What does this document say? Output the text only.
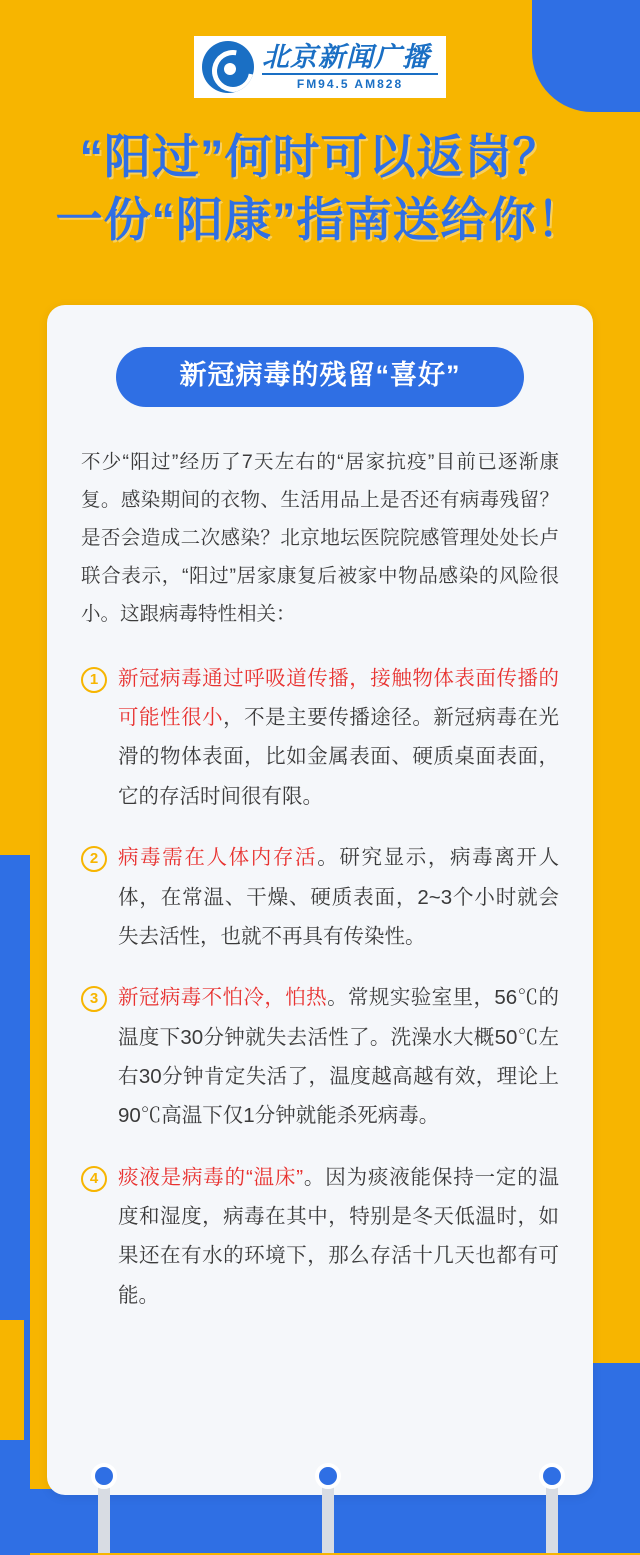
北京新闻广播
FM94.5 AM828
“阳过”何时可以返岗？
一份“阳康”指南送给你！
新冠病毒的残留“喜好”

不少“阳过”经历了7天左右的“居家抗疫”目前已逐渐康复。感染期间的衣物、生活用品上是否还有病毒残留？是否会造成二次感染？北京地坛医院院感管理处处长卢联合表示，“阳过”居家康复后被家中物品感染的风险很小。这跟病毒特性相关：

1 新冠病毒通过呼吸道传播，接触物体表面传播的可能性很小，不是主要传播途径。新冠病毒在光滑的物体表面，比如金属表面、硬质桌面表面，它的存活时间很有限。
2 病毒需在人体内存活。研究显示，病毒离开人体，在常温、干燥、硬质表面，2~3个小时就会失去活性，也就不再具有传染性。
3 新冠病毒不怕冷，怕热。常规实验室里，56℃的温度下30分钟就失去活性了。洗澡水大概50℃左右30分钟肯定失活了，温度越高越有效，理论上90℃高温下仅1分钟就能杀死病毒。
4 痰液是病毒的“温床”。因为痰液能保持一定的温度和湿度，病毒在其中，特别是冬天低温时，如果还在有水的环境下，那么存活十几天也都有可能。
